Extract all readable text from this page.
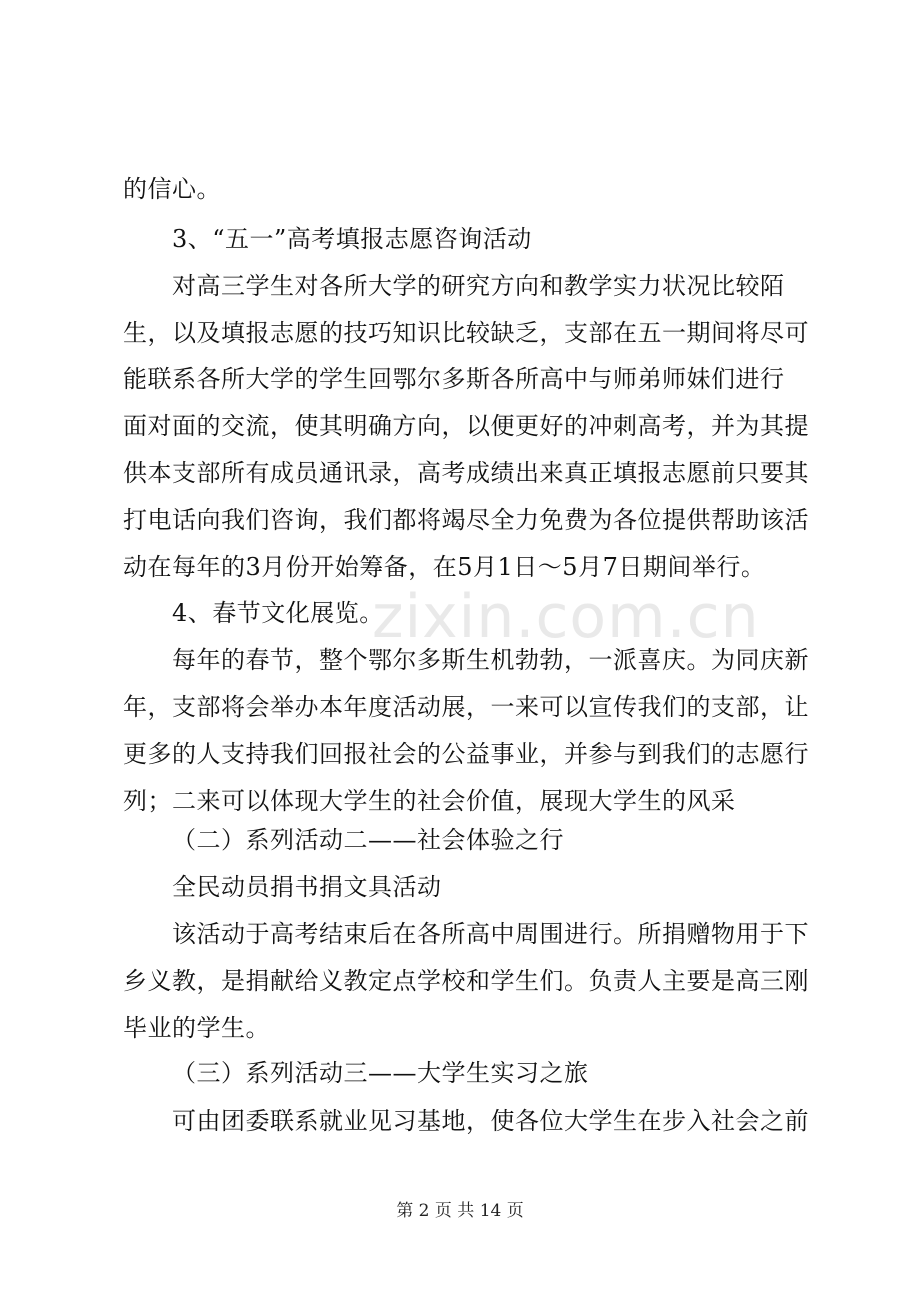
zixin.com.cn
的信心。
3、“五一”高考填报志愿咨询活动
对高三学生对各所大学的研究方向和教学实力状况比较陌
生，以及填报志愿的技巧知识比较缺乏，支部在五一期间将尽可
能联系各所大学的学生回鄂尔多斯各所高中与师弟师妹们进行
面对面的交流，使其明确方向，以便更好的冲刺高考，并为其提
供本支部所有成员通讯录，高考成绩出来真正填报志愿前只要其
打电话向我们咨询，我们都将竭尽全力免费为各位提供帮助该活
动在每年的3月份开始筹备，在5月1日～5月7日期间举行。
4、春节文化展览。
每年的春节，整个鄂尔多斯生机勃勃，一派喜庆。为同庆新
年，支部将会举办本年度活动展，一来可以宣传我们的支部，让
更多的人支持我们回报社会的公益事业，并参与到我们的志愿行
列；二来可以体现大学生的社会价值，展现大学生的风采
（二）系列活动二——社会体验之行
全民动员捐书捐文具活动
该活动于高考结束后在各所高中周围进行。所捐赠物用于下
乡义教，是捐献给义教定点学校和学生们。负责人主要是高三刚
毕业的学生。
（三）系列活动三——大学生实习之旅
可由团委联系就业见习基地，使各位大学生在步入社会之前
第 2 页 共 14 页
